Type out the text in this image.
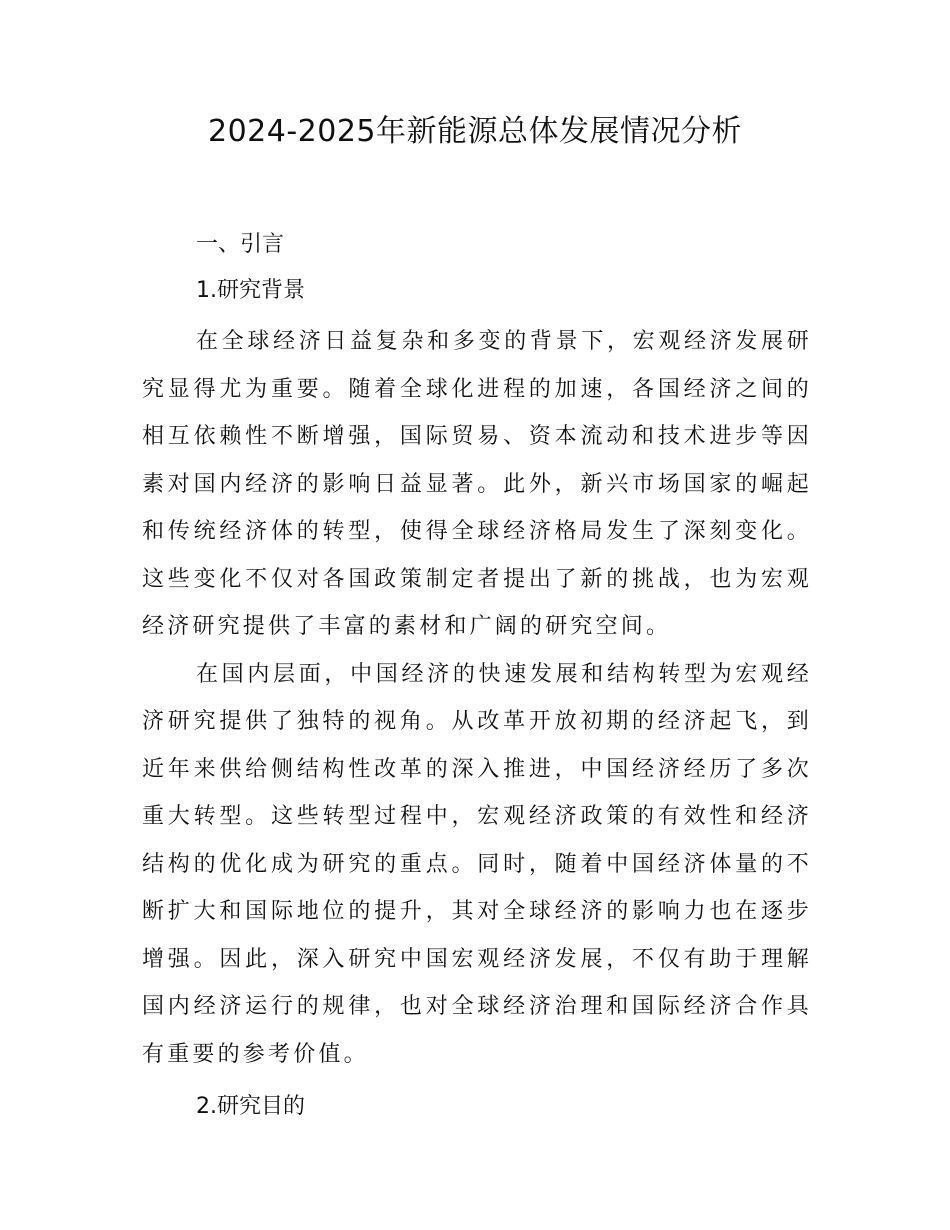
2024-2025年新能源总体发展情况分析
一、引言
1.研究背景

在全球经济日益复杂和多变的背景下，宏观经济发展研究显得尤为重要。随着全球化进程的加速，各国经济之间的相互依赖性不断增强，国际贸易、资本流动和技术进步等因素对国内经济的影响日益显著。此外，新兴市场国家的崛起和传统经济体的转型，使得全球经济格局发生了深刻变化。这些变化不仅对各国政策制定者提出了新的挑战，也为宏观经济研究提供了丰富的素材和广阔的研究空间。

在国内层面，中国经济的快速发展和结构转型为宏观经济研究提供了独特的视角。从改革开放初期的经济起飞，到近年来供给侧结构性改革的深入推进，中国经济经历了多次重大转型。这些转型过程中，宏观经济政策的有效性和经济结构的优化成为研究的重点。同时，随着中国经济体量的不断扩大和国际地位的提升，其对全球经济的影响力也在逐步增强。因此，深入研究中国宏观经济发展，不仅有助于理解国内经济运行的规律，也对全球经济治理和国际经济合作具有重要的参考价值。

2.研究目的
